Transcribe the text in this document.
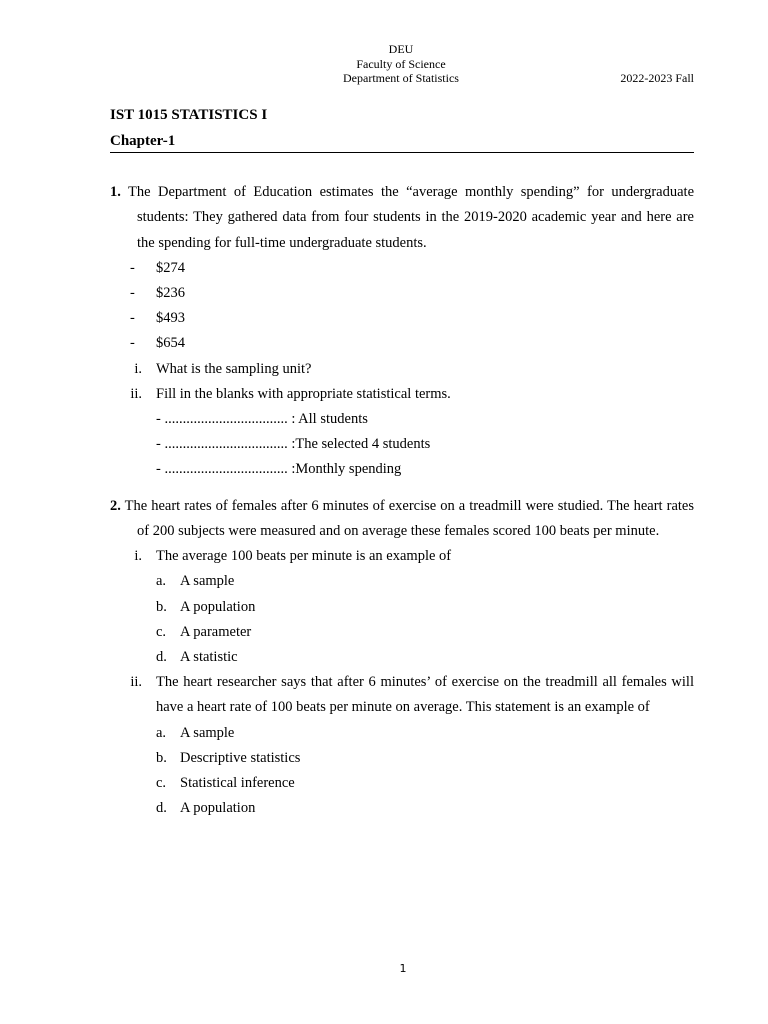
DEU
Faculty of Science
Department of Statistics	2022-2023 Fall
IST 1015 STATISTICS I
Chapter-1

1. The Department of Education estimates the “average monthly spending” for undergraduate students: They gathered data from four students in the 2019-2020 academic year and here are the spending for full-time undergraduate students.

-	$274
-	$236
-	$493
-	$654
i. What is the sampling unit?
ii. Fill in the blanks with appropriate statistical terms.
- .................................. : All students
- .................................. :The selected 4 students
- .................................. :Monthly spending

2. The heart rates of females after 6 minutes of exercise on a treadmill were studied. The heart rates of 200 subjects were measured and on average these females scored 100 beats per minute.

i. The average 100 beats per minute is an example of
a. A sample
b. A population
c. A parameter
d. A statistic

ii. The heart researcher says that after 6 minutes’ of exercise on the treadmill all females will have a heart rate of 100 beats per minute on average. This statement is an example of

a. A sample
b. Descriptive statistics
c. Statistical inference
d. A population
1
